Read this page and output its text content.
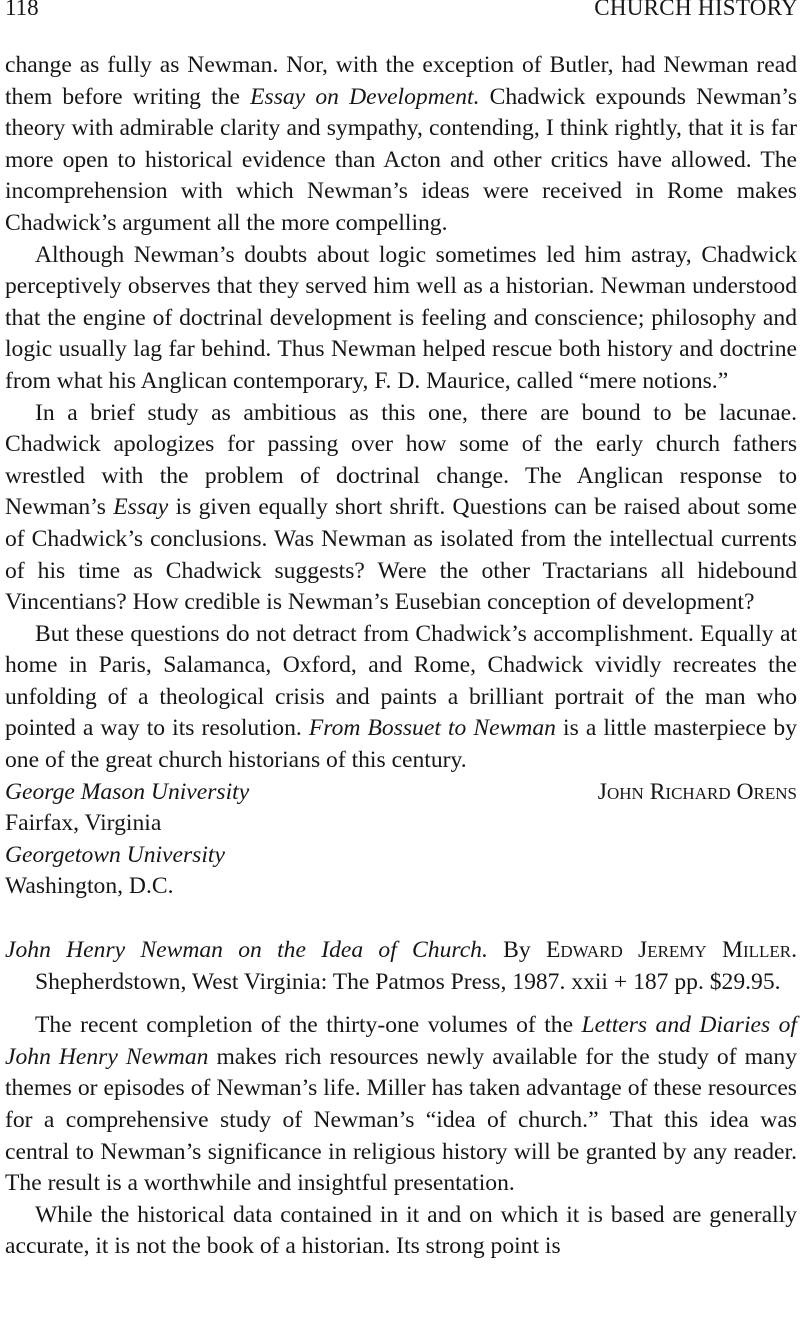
118	CHURCH HISTORY

change as fully as Newman. Nor, with the exception of Butler, had Newman read them before writing the Essay on Development. Chadwick expounds Newman’s theory with admirable clarity and sympathy, contending, I think rightly, that it is far more open to historical evidence than Acton and other critics have allowed. The incomprehension with which Newman’s ideas were received in Rome makes Chadwick’s argument all the more compelling.

Although Newman’s doubts about logic sometimes led him astray, Chadwick perceptively observes that they served him well as a historian. Newman understood that the engine of doctrinal development is feeling and conscience; philosophy and logic usually lag far behind. Thus Newman helped rescue both history and doctrine from what his Anglican contemporary, F. D. Maurice, called “mere notions.”

In a brief study as ambitious as this one, there are bound to be lacunae. Chadwick apologizes for passing over how some of the early church fathers wrestled with the problem of doctrinal change. The Anglican response to Newman’s Essay is given equally short shrift. Questions can be raised about some of Chadwick’s conclusions. Was Newman as isolated from the intellectual currents of his time as Chadwick suggests? Were the other Tractarians all hidebound Vincentians? How credible is Newman’s Eusebian conception of development?

But these questions do not detract from Chadwick’s accomplishment. Equally at home in Paris, Salamanca, Oxford, and Rome, Chadwick vividly recreates the unfolding of a theological crisis and paints a brilliant portrait of the man who pointed a way to its resolution. From Bossuet to Newman is a little masterpiece by one of the great church historians of this century.

George Mason University	John Richard Orens
Fairfax, Virginia
Georgetown University
Washington, D.C.

John Henry Newman on the Idea of Church. By Edward Jeremy Miller. Shepherdstown, West Virginia: The Patmos Press, 1987. xxii + 187 pp. $29.95.

The recent completion of the thirty-one volumes of the Letters and Diaries of John Henry Newman makes rich resources newly available for the study of many themes or episodes of Newman’s life. Miller has taken advantage of these resources for a comprehensive study of Newman’s “idea of church.” That this idea was central to Newman’s significance in religious history will be granted by any reader. The result is a worthwhile and insightful presentation.

While the historical data contained in it and on which it is based are generally accurate, it is not the book of a historian. Its strong point is
